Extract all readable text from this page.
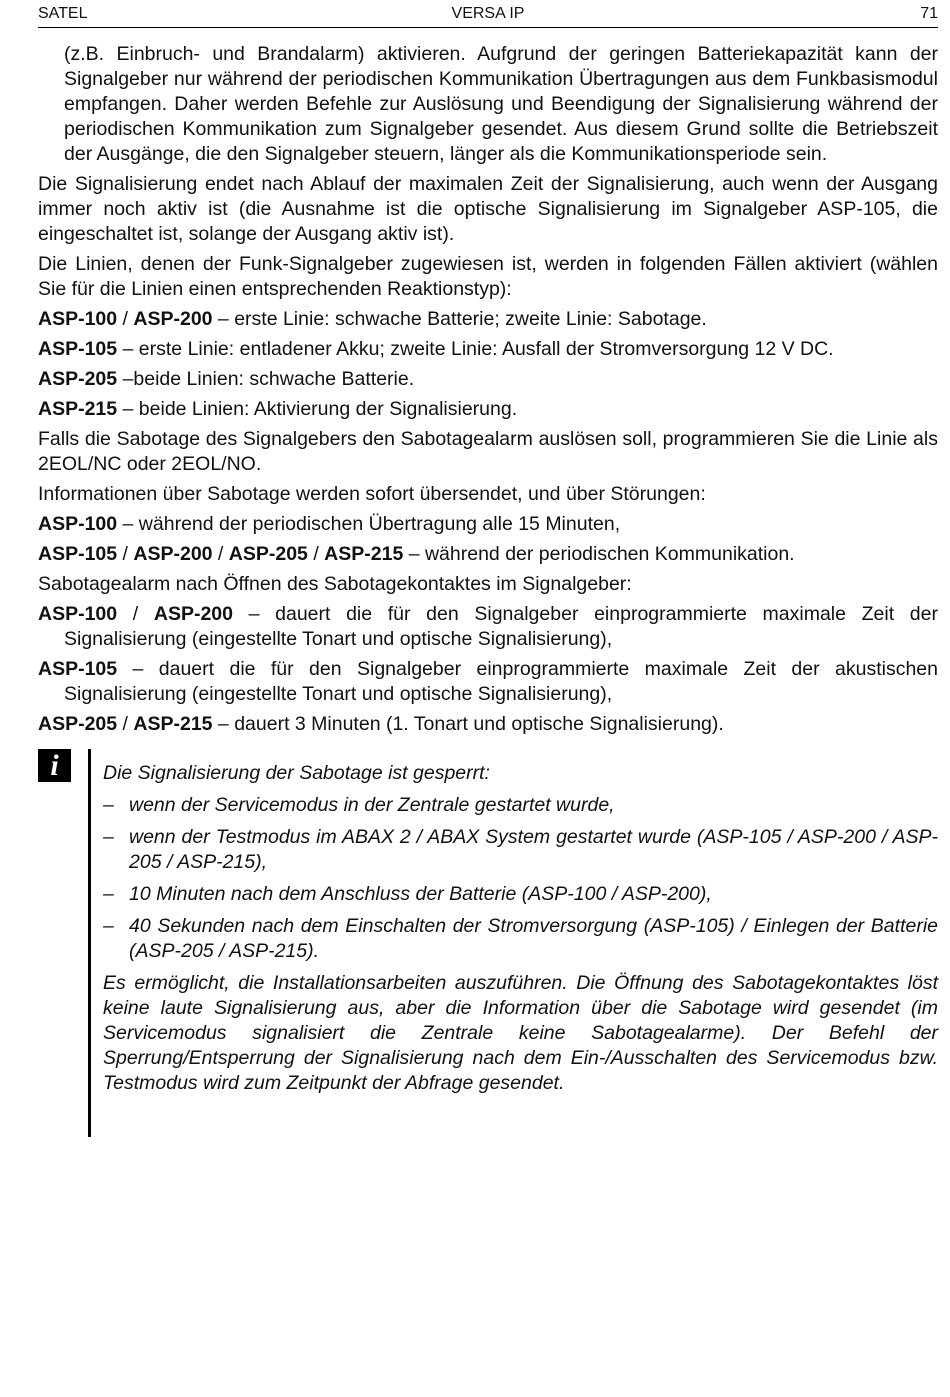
SATEL	VERSA IP	71

(z.B. Einbruch- und Brandalarm) aktivieren. Aufgrund der geringen Batteriekapazität kann der Signalgeber nur während der periodischen Kommunikation Übertragungen aus dem Funkbasismodul empfangen. Daher werden Befehle zur Auslösung und Beendigung der Signalisierung während der periodischen Kommunikation zum Signalgeber gesendet. Aus diesem Grund sollte die Betriebszeit der Ausgänge, die den Signalgeber steuern, länger als die Kommunikationsperiode sein.

Die Signalisierung endet nach Ablauf der maximalen Zeit der Signalisierung, auch wenn der Ausgang immer noch aktiv ist (die Ausnahme ist die optische Signalisierung im Signalgeber ASP-105, die eingeschaltet ist, solange der Ausgang aktiv ist).

Die Linien, denen der Funk-Signalgeber zugewiesen ist, werden in folgenden Fällen aktiviert (wählen Sie für die Linien einen entsprechenden Reaktionstyp):

ASP-100 / ASP-200 – erste Linie: schwache Batterie; zweite Linie: Sabotage.

ASP-105 – erste Linie: entladener Akku; zweite Linie: Ausfall der Stromversorgung 12 V DC.

ASP-205 –beide Linien: schwache Batterie.

ASP-215 – beide Linien: Aktivierung der Signalisierung.

Falls die Sabotage des Signalgebers den Sabotagealarm auslösen soll, programmieren Sie die Linie als 2EOL/NC oder 2EOL/NO.

Informationen über Sabotage werden sofort übersendet, und über Störungen:

ASP-100 – während der periodischen Übertragung alle 15 Minuten,

ASP-105 / ASP-200 / ASP-205 / ASP-215 – während der periodischen Kommunikation.

Sabotagealarm nach Öffnen des Sabotagekontaktes im Signalgeber:

ASP-100 / ASP-200 – dauert die für den Signalgeber einprogrammierte maximale Zeit der Signalisierung (eingestellte Tonart und optische Signalisierung),

ASP-105 – dauert die für den Signalgeber einprogrammierte maximale Zeit der akustischen Signalisierung (eingestellte Tonart und optische Signalisierung),

ASP-205 / ASP-215 – dauert 3 Minuten (1. Tonart und optische Signalisierung).

i	Die Signalisierung der Sabotage ist gesperrt:

– wenn der Servicemodus in der Zentrale gestartet wurde,

– wenn der Testmodus im ABAX 2 / ABAX System gestartet wurde (ASP-105 / ASP-200 / ASP-205 / ASP-215),

– 10 Minuten nach dem Anschluss der Batterie (ASP-100 / ASP-200),

– 40 Sekunden nach dem Einschalten der Stromversorgung (ASP-105) / Einlegen der Batterie (ASP-205 / ASP-215).

Es ermöglicht, die Installationsarbeiten auszuführen. Die Öffnung des Sabotagekontaktes löst keine laute Signalisierung aus, aber die Information über die Sabotage wird gesendet (im Servicemodus signalisiert die Zentrale keine Sabotagealarme). Der Befehl der Sperrung/Entsperrung der Signalisierung nach dem Ein-/Ausschalten des Servicemodus bzw. Testmodus wird zum Zeitpunkt der Abfrage gesendet.
